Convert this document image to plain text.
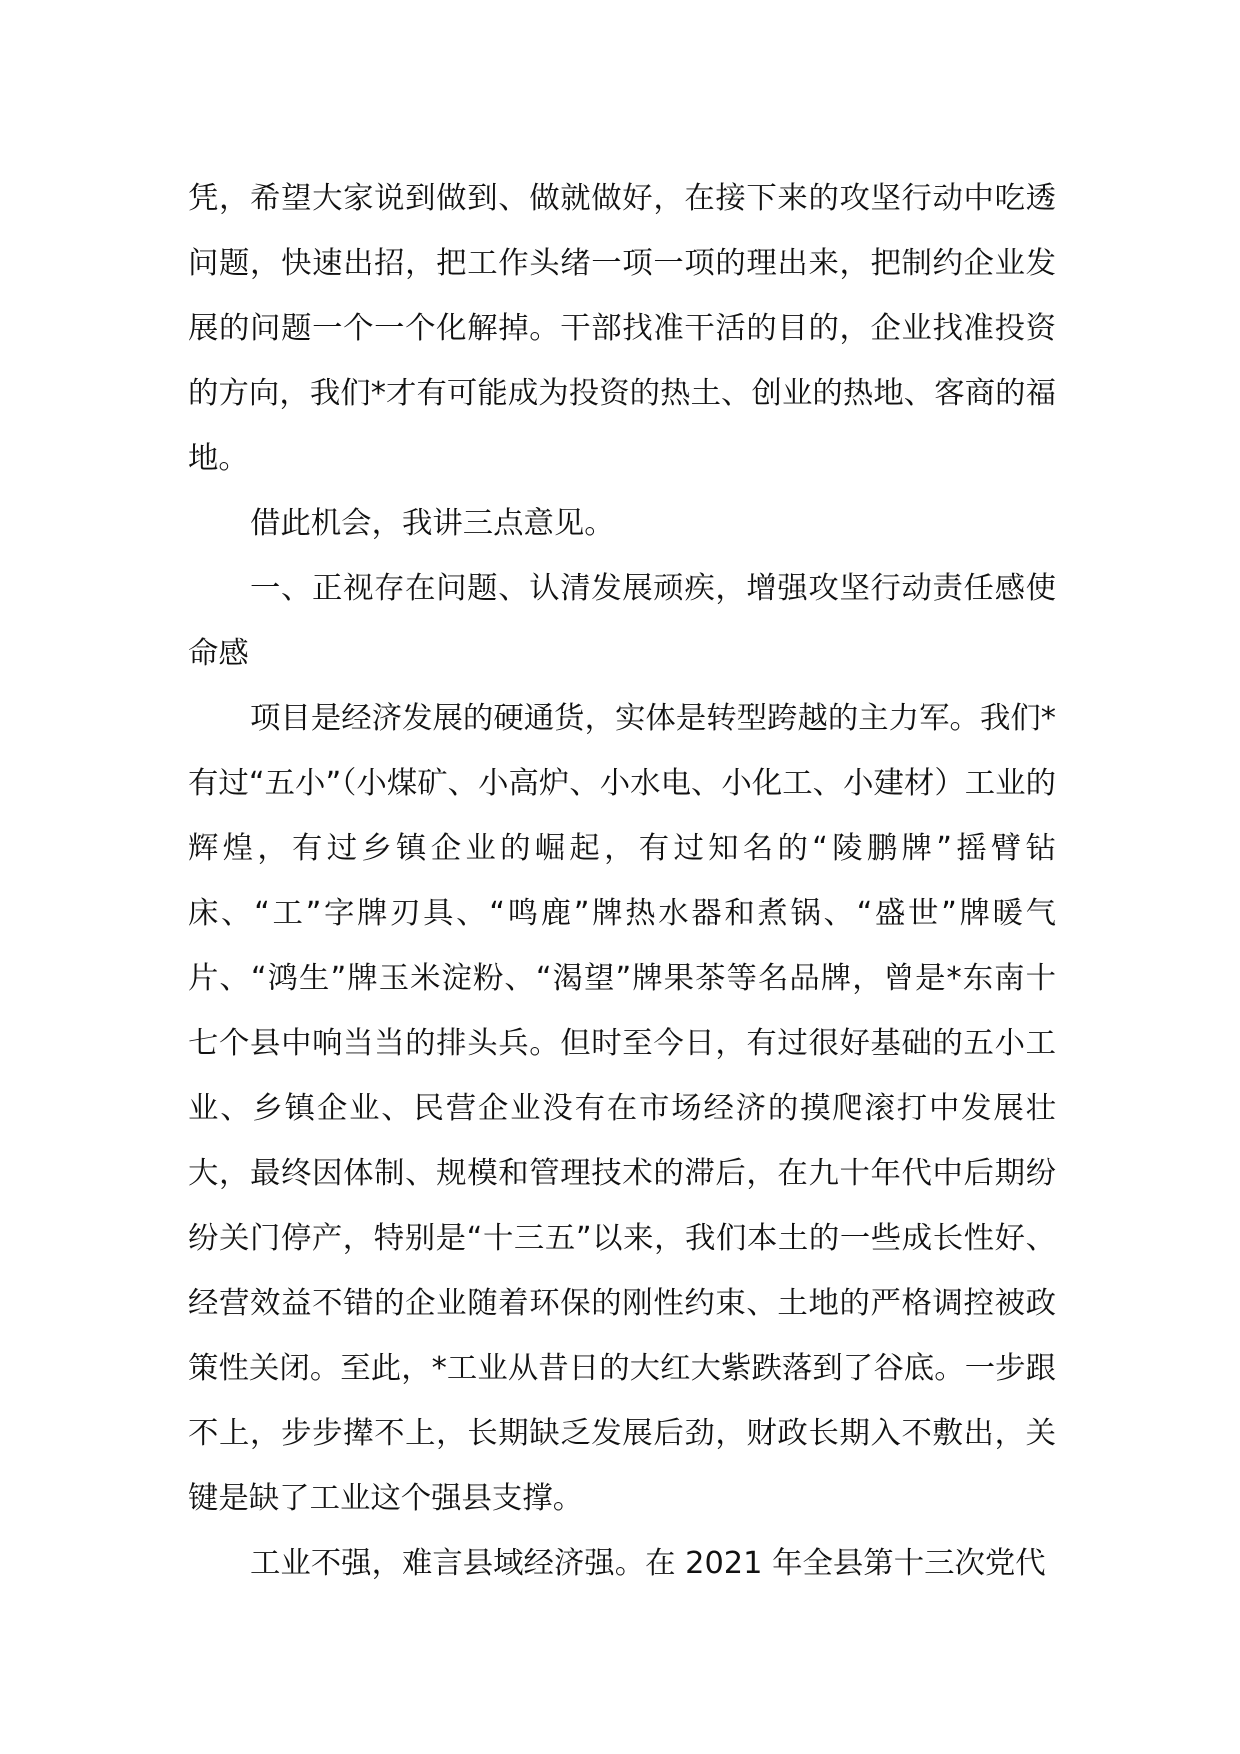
凭，希望大家说到做到、做就做好，在接下来的攻坚行动中吃透问题，快速出招，把工作头绪一项一项的理出来，把制约企业发展的问题一个一个化解掉。干部找准干活的目的，企业找准投资的方向，我们*才有可能成为投资的热土、创业的热地、客商的福地。

借此机会，我讲三点意见。

一、正视存在问题、认清发展顽疾，增强攻坚行动责任感使命感

项目是经济发展的硬通货，实体是转型跨越的主力军。我们*有过“五小”（小煤矿、小高炉、小水电、小化工、小建材）工业的辉煌，有过乡镇企业的崛起，有过知名的“陵鹏牌”摇臂钻床、“工”字牌刃具、“鸣鹿”牌热水器和煮锅、“盛世”牌暖气片、“鸿生”牌玉米淀粉、“渴望”牌果茶等名品牌，曾是*东南十七个县中响当当的排头兵。但时至今日，有过很好基础的五小工业、乡镇企业、民营企业没有在市场经济的摸爬滚打中发展壮大，最终因体制、规模和管理技术的滞后，在九十年代中后期纷纷关门停产，特别是“十三五”以来，我们本土的一些成长性好、经营效益不错的企业随着环保的刚性约束、土地的严格调控被政策性关闭。至此，*工业从昔日的大红大紫跌落到了谷底。一步跟不上，步步撵不上，长期缺乏发展后劲，财政长期入不敷出，关键是缺了工业这个强县支撑。

工业不强，难言县域经济强。在 2021 年全县第十三次党代
